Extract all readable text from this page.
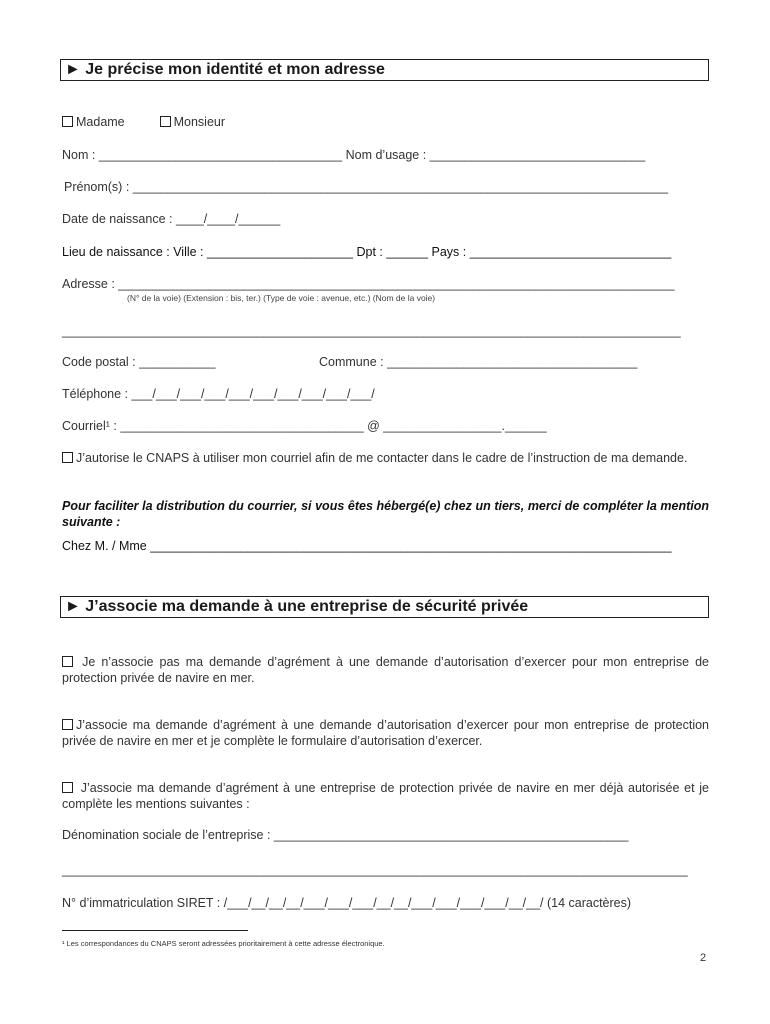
► Je précise mon identité et mon adresse
Madame	Monsieur
Nom : ___________________________________ Nom d’usage : _______________________________
Prénom(s) : _____________________________________________________________________________
Date de naissance : ____/____/______
Lieu de naissance : Ville : _____________________ Dpt : ______ Pays : _____________________________
Adresse : ________________________________________________________________________________
(N° de la voie) (Extension : bis, ter.) (Type de voie : avenue, etc.) (Nom de la voie)
_________________________________________________________________________________________
Code postal : ___________	Commune : ____________________________________
Téléphone : ___/___/___/___/___/___/___/___/___/___/
Courriel¹ : ___________________________________ @ _________________.______
J’autorise le CNAPS à utiliser mon courriel afin de me contacter dans le cadre de l’instruction de ma demande.
Pour faciliter la distribution du courrier, si vous êtes hébergé(e) chez un tiers, merci de compléter la mention suivante :
Chez M. / Mme ___________________________________________________________________________
► J’associe ma demande à une entreprise de sécurité privée
Je n’associe pas ma demande d’agrément à une demande d’autorisation d’exercer pour mon entreprise de protection privée de navire en mer.
J’associe ma demande d’agrément à une demande d’autorisation d’exercer pour mon entreprise de protection privée de navire en mer et je complète le formulaire d’autorisation d’exercer.
J’associe ma demande d’agrément à une entreprise de protection privée de navire en mer déjà autorisée et je complète les mentions suivantes :
Dénomination sociale de l’entreprise : ___________________________________________________
__________________________________________________________________________________________
N° d’immatriculation SIRET : /___/__/__/__/___/___/___/__/__/___/___/___/___/__/__/ (14 caractères)
¹ Les correspondances du CNAPS seront adressées prioritairement à cette adresse électronique.
2
